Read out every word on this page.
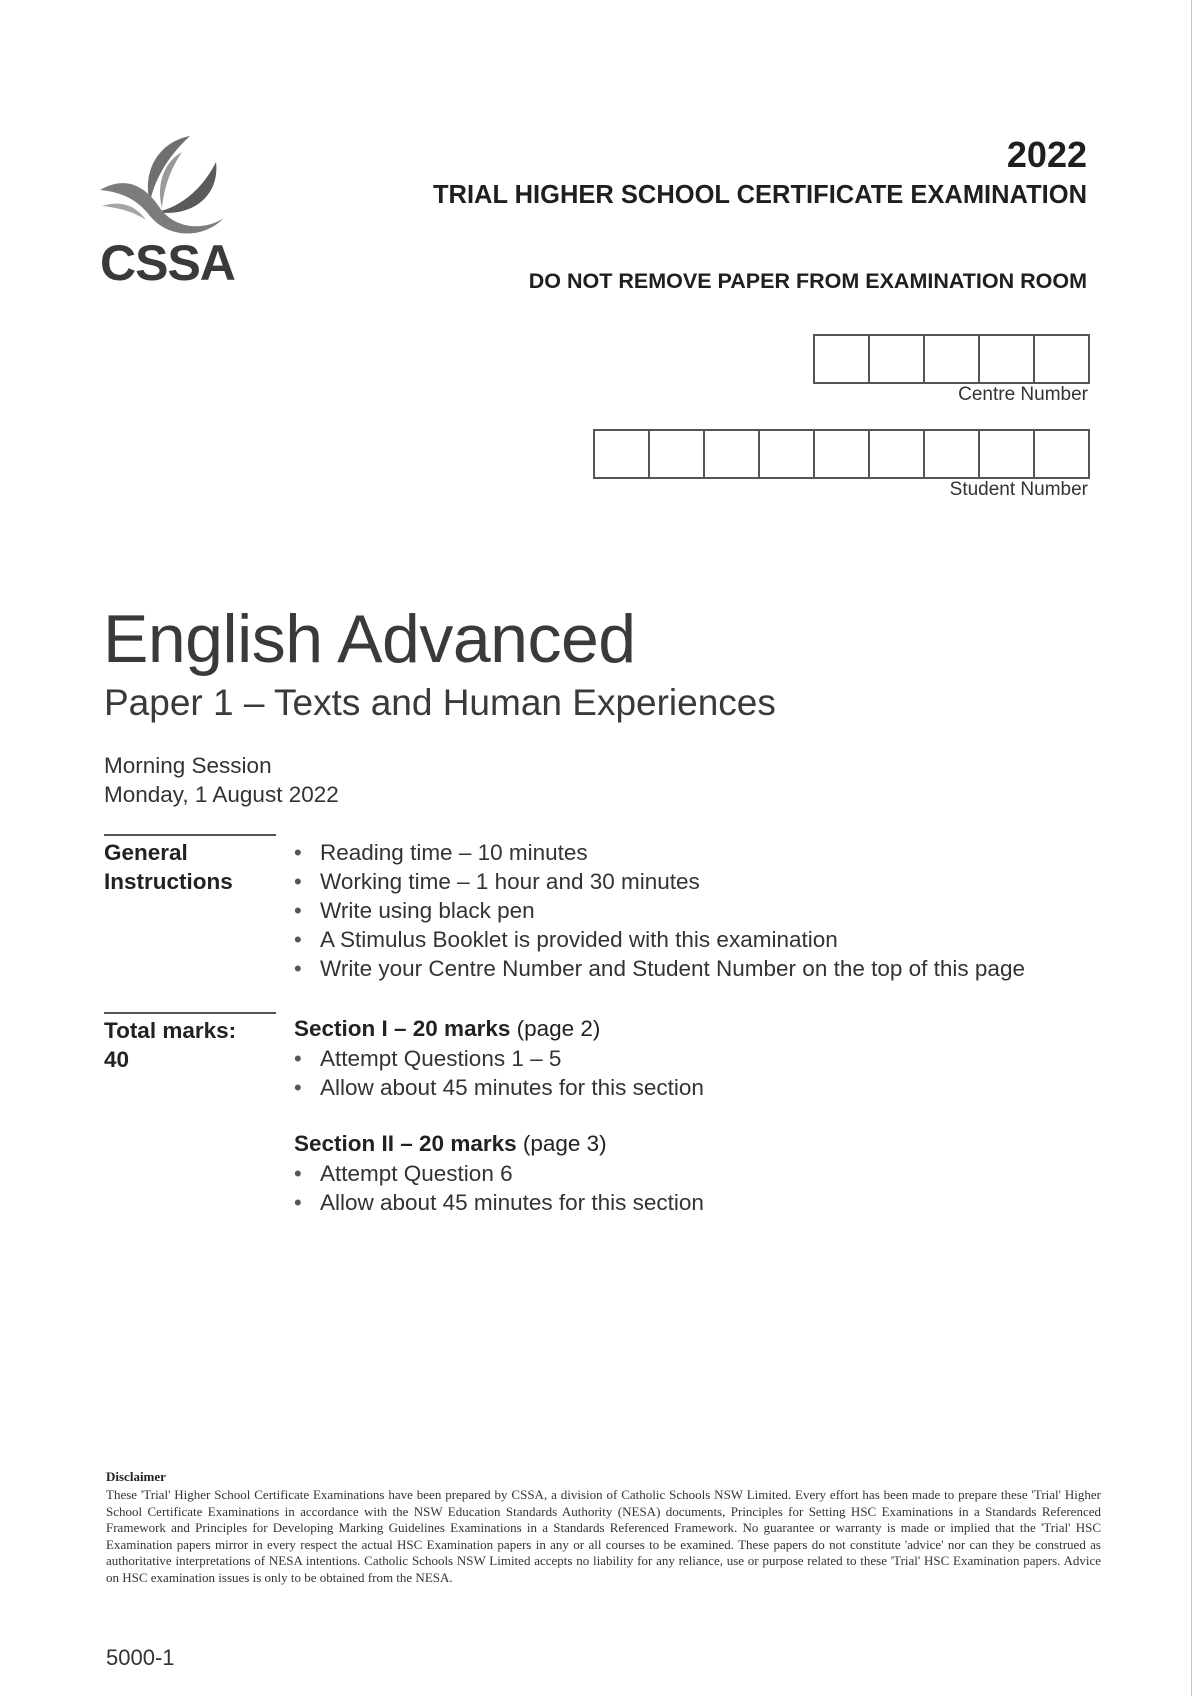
CSSA
2022
TRIAL HIGHER SCHOOL CERTIFICATE EXAMINATION
DO NOT REMOVE PAPER FROM EXAMINATION ROOM
Centre Number
Student Number
English Advanced
Paper 1 – Texts and Human Experiences
Morning Session
Monday, 1 August 2022
General Instructions
• Reading time – 10 minutes
• Working time – 1 hour and 30 minutes
• Write using black pen
• A Stimulus Booklet is provided with this examination
• Write your Centre Number and Student Number on the top of this page
Total marks:
40
Section I – 20 marks (page 2)
• Attempt Questions 1 – 5
• Allow about 45 minutes for this section
Section II – 20 marks (page 3)
• Attempt Question 6
• Allow about 45 minutes for this section
Disclaimer
These 'Trial' Higher School Certificate Examinations have been prepared by CSSA, a division of Catholic Schools NSW Limited. Every effort has been made to prepare these 'Trial' Higher School Certificate Examinations in accordance with the NSW Education Standards Authority (NESA) documents, Principles for Setting HSC Examinations in a Standards Referenced Framework and Principles for Developing Marking Guidelines Examinations in a Standards Referenced Framework. No guarantee or warranty is made or implied that the 'Trial' HSC Examination papers mirror in every respect the actual HSC Examination papers in any or all courses to be examined. These papers do not constitute 'advice' nor can they be construed as authoritative interpretations of NESA intentions. Catholic Schools NSW Limited accepts no liability for any reliance, use or purpose related to these 'Trial' HSC Examination papers. Advice on HSC examination issues is only to be obtained from the NESA.
5000-1
